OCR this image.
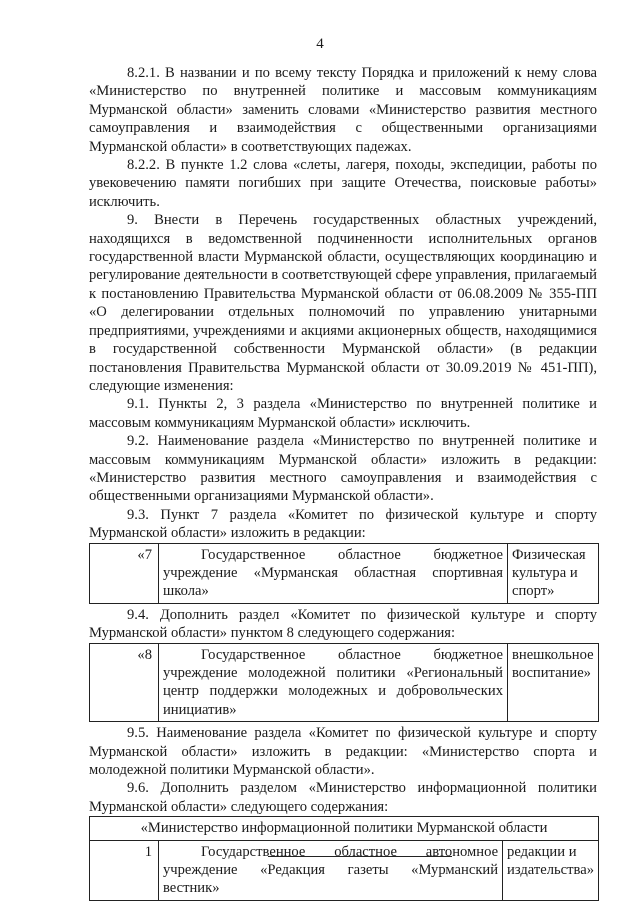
4

8.2.1. В названии и по всему тексту Порядка и приложений к нему слова «Министерство по внутренней политике и массовым коммуникациям Мурманской области» заменить словами «Министерство развития местного самоуправления и взаимодействия с общественными организациями Мурманской области» в соответствующих падежах.

8.2.2. В пункте 1.2 слова «слеты, лагеря, походы, экспедиции, работы по увековечению памяти погибших при защите Отечества, поисковые работы» исключить.

9. Внести в Перечень государственных областных учреждений, находящихся в ведомственной подчиненности исполнительных органов государственной власти Мурманской области, осуществляющих координацию и регулирование деятельности в соответствующей сфере управления, прилагаемый к постановлению Правительства Мурманской области от 06.08.2009 № 355-ПП «О делегировании отдельных полномочий по управлению унитарными предприятиями, учреждениями и акциями акционерных обществ, находящимися в государственной собственности Мурманской области» (в редакции постановления Правительства Мурманской области от 30.09.2019 № 451-ПП), следующие изменения:

9.1. Пункты 2, 3 раздела «Министерство по внутренней политике и массовым коммуникациям Мурманской области» исключить.

9.2. Наименование раздела «Министерство по внутренней политике и массовым коммуникациям Мурманской области» изложить в редакции: «Министерство развития местного самоуправления и взаимодействия с общественными организациями Мурманской области».

9.3. Пункт 7 раздела «Комитет по физической культуре и спорту Мурманской области» изложить в редакции:

«7	Государственное областное бюджетное учреждение «Мурманская областная спортивная школа»	Физическая культура и спорт»

9.4. Дополнить раздел «Комитет по физической культуре и спорту Мурманской области» пунктом 8 следующего содержания:

«8	Государственное областное бюджетное учреждение молодежной политики «Региональный центр поддержки молодежных и добровольческих инициатив»	внешкольное воспитание»

9.5. Наименование раздела «Комитет по физической культуре и спорту Мурманской области» изложить в редакции: «Министерство спорта и молодежной политики Мурманской области».

9.6. Дополнить разделом «Министерство информационной политики Мурманской области» следующего содержания:

«Министерство информационной политики Мурманской области
1	Государственное областное автономное учреждение «Редакция газеты «Мурманский вестник»	редакции и издательства»
